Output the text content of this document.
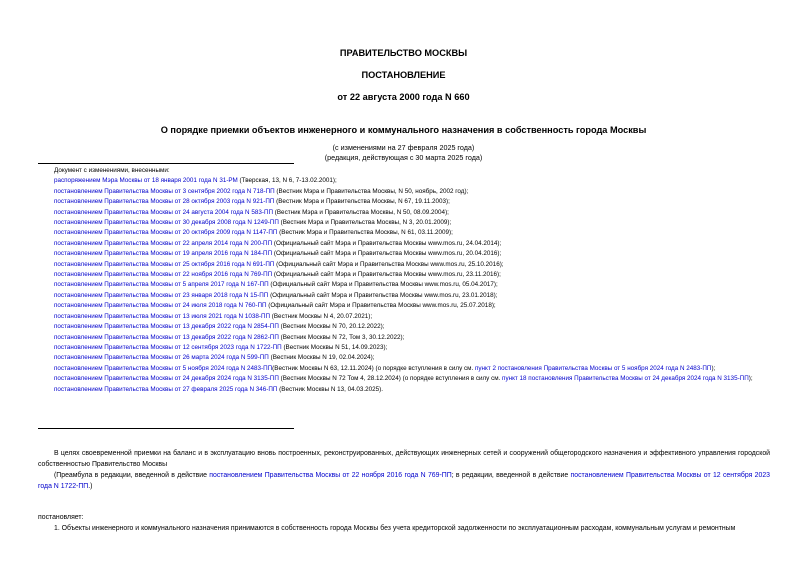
ПРАВИТЕЛЬСТВО МОСКВЫ
ПОСТАНОВЛЕНИЕ
от 22 августа 2000 года N 660
О порядке приемки объектов инженерного и коммунального назначения в собственность города Москвы
(с изменениями на 27 февраля 2025 года)
(редакция, действующая с 30 марта 2025 года)
Документ с изменениями, внесенными:
распоряжением Мэра Москвы от 18 января 2001 года N 31-РМ (Тверская, 13, N 6, 7-13.02.2001);
постановлением Правительства Москвы от 3 сентября 2002 года N 718-ПП (Вестник Мэра и Правительства Москвы, N 50, ноябрь, 2002 год);
постановлением Правительства Москвы от 28 октября 2003 года N 921-ПП (Вестник Мэра и Правительства Москвы, N 67, 19.11.2003);
постановлением Правительства Москвы от 24 августа 2004 года N 583-ПП (Вестник Мэра и Правительства Москвы, N 50, 08.09.2004);
постановлением Правительства Москвы от 30 декабря 2008 года N 1249-ПП (Вестник Мэра и Правительства Москвы, N 3, 20.01.2009);
постановлением Правительства Москвы от 20 октября 2009 года N 1147-ПП (Вестник Мэра и Правительства Москвы, N 61, 03.11.2009);
постановлением Правительства Москвы от 22 апреля 2014 года N 200-ПП (Официальный сайт Мэра и Правительства Москвы www.mos.ru, 24.04.2014);
постановлением Правительства Москвы от 19 апреля 2016 года N 184-ПП (Официальный сайт Мэра и Правительства Москвы www.mos.ru, 20.04.2016);
постановлением Правительства Москвы от 25 октября 2016 года N 691-ПП (Официальный сайт Мэра и Правительства Москвы www.mos.ru, 25.10.2016);
постановлением Правительства Москвы от 22 ноября 2016 года N 769-ПП (Официальный сайт Мэра и Правительства Москвы www.mos.ru, 23.11.2016);
постановлением Правительства Москвы от 5 апреля 2017 года N 167-ПП (Официальный сайт Мэра и Правительства Москвы www.mos.ru, 05.04.2017);
постановлением Правительства Москвы от 23 января 2018 года N 15-ПП (Официальный сайт Мэра и Правительства Москвы www.mos.ru, 23.01.2018);
постановлением Правительства Москвы от 24 июля 2018 года N 760-ПП (Официальный сайт Мэра и Правительства Москвы www.mos.ru, 25.07.2018);
постановлением Правительства Москвы от 13 июля 2021 года N 1038-ПП (Вестник Москвы N 4, 20.07.2021);
постановлением Правительства Москвы от 13 декабря 2022 года N 2854-ПП (Вестник Москвы N 70, 20.12.2022);
постановлением Правительства Москвы от 13 декабря 2022 года N 2862-ПП (Вестник Москвы N 72, Том 3, 30.12.2022);
постановлением Правительства Москвы от 12 сентября 2023 года N 1722-ПП (Вестник Москвы N 51, 14.09.2023);
постановлением Правительства Москвы от 26 марта 2024 года N 599-ПП (Вестник Москвы N 19, 02.04.2024);
постановлением Правительства Москвы от 5 ноября 2024 года N 2483-ПП(Вестник Москвы N 63, 12.11.2024) (о порядке вступления в силу см. пункт 2 постановления Правительства Москвы от 5 ноября 2024 года N 2483-ПП);
постановлением Правительства Москвы от 24 декабря 2024 года N 3135-ПП (Вестник Москвы N 72 Том 4, 28.12.2024) (о порядке вступления в силу см. пункт 18 постановления Правительства Москвы от 24 декабря 2024 года N 3135-ПП);
постановлением Правительства Москвы от 27 февраля 2025 года N 346-ПП (Вестник Москвы N 13, 04.03.2025).
В целях своевременной приемки на баланс и в эксплуатацию вновь построенных, реконструированных, действующих инженерных сетей и сооружений общегородского назначения и эффективного управления городской собственностью Правительство Москвы
(Преамбула в редакции, введенной в действие постановлением Правительства Москвы от 22 ноября 2016 года N 769-ПП; в редакции, введенной в действие постановлением Правительства Москвы от 12 сентября 2023 года N 1722-ПП.)
постановляет:
1. Объекты инженерного и коммунального назначения принимаются в собственность города Москвы без учета кредиторской задолженности по эксплуатационным расходам, коммунальным услугам и ремонтным
